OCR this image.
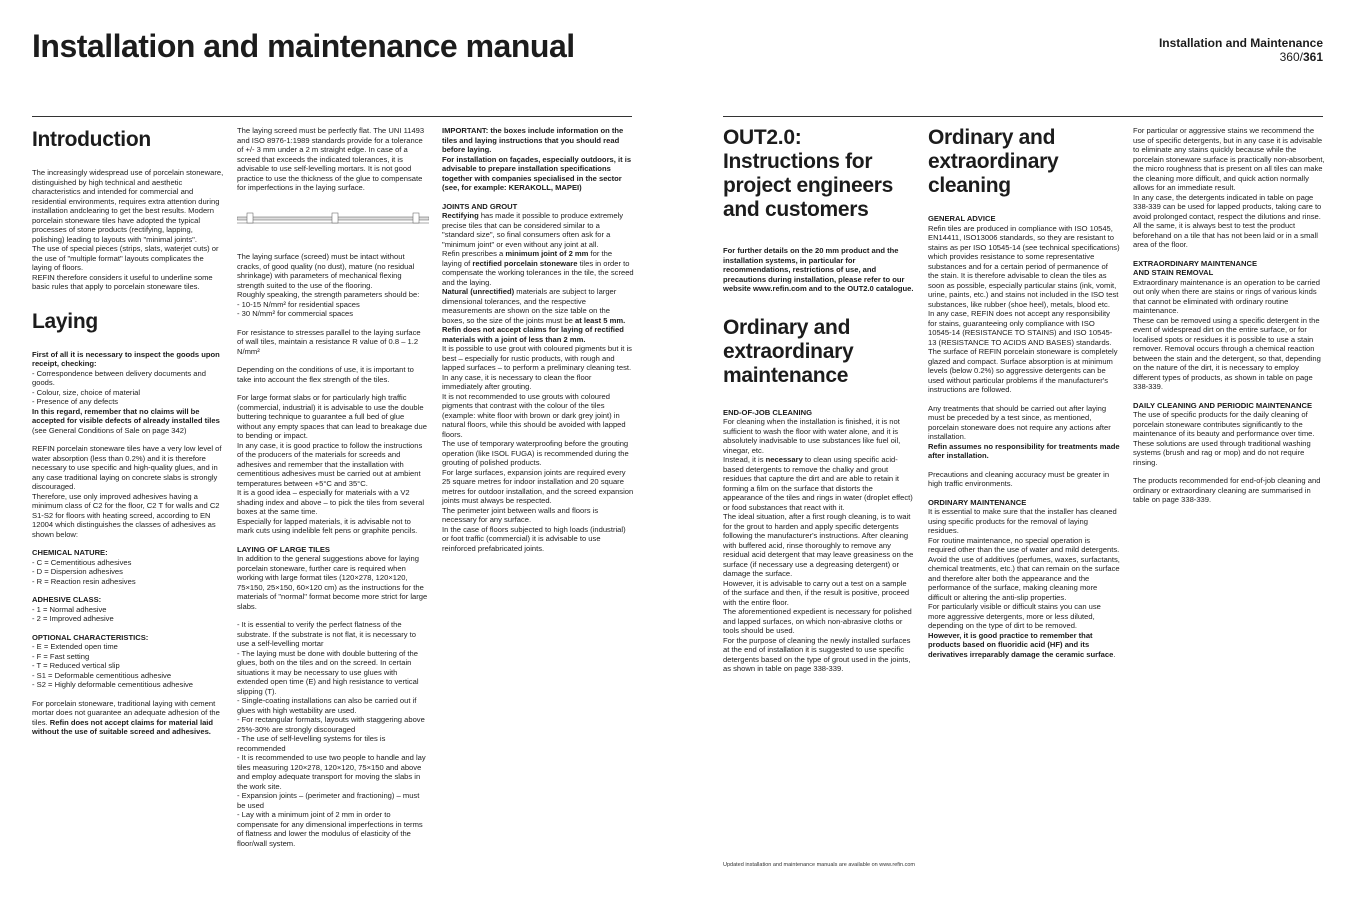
Installation and maintenance manual	Installation and Maintenance
360/361
Introduction

The increasingly widespread use of porcelain stoneware, distinguished by high technical and aesthetic characteristics and intended for commercial and residential environments, requires extra attention during installation andclearing to get the best results. Modern porcelain stoneware tiles have adopted the typical processes of stone products (rectifying, lapping, polishing) leading to layouts with "minimal joints".
The use of special pieces (strips, slats, waterjet cuts) or the use of "multiple format" layouts complicates the laying of floors.
REFIN therefore considers it useful to underline some basic rules that apply to porcelain stoneware tiles.

Laying

First of all it is necessary to inspect the goods upon receipt, checking:

- Correspondence between delivery documents and goods.
- Colour, size, choice of material
- Presence of any defects

In this regard, remember that no claims will be accepted for visible defects of already installed tiles (see General Conditions of Sale on page 342)

REFIN porcelain stoneware tiles have a very low level of water absorption (less than 0.2%) and it is therefore necessary to use specific and high-quality glues, and in any case traditional laying on concrete slabs is strongly discouraged.
Therefore, use only improved adhesives having a minimum class of C2 for the floor, C2 T for walls and C2 S1-S2 for floors with heating screed, according to EN 12004 which distinguishes the classes of adhesives as shown below:

CHEMICAL NATURE:

- C = Cementitious adhesives
- D = Dispersion adhesives
- R = Reaction resin adhesives

ADHESIVE CLASS:

- 1 = Normal adhesive
- 2 = Improved adhesive

OPTIONAL CHARACTERISTICS:

- E = Extended open time
- F = Fast setting
- T = Reduced vertical slip
- S1 = Deformable cementitious adhesive
- S2 = Highly deformable cementitious adhesive

For porcelain stoneware, traditional laying with cement mortar does not guarantee an adequate adhesion of the tiles. Refin does not accept claims for material laid without the use of suitable screed and adhesives.

The laying screed must be perfectly flat. The UNI 11493 and ISO 8976-1:1989 standards provide for a tolerance of +/- 3 mm under a 2 m straight edge. In case of a screed that exceeds the indicated tolerances, it is advisable to use self-levelling mortars. It is not good practice to use the thickness of the glue to compensate for imperfections in the laying surface.

The laying surface (screed) must be intact without cracks, of good quality (no dust), mature (no residual shrinkage) with parameters of mechanical flexing strength suited to the use of the flooring.
Roughly speaking, the strength parameters should be:
- 10-15 N/mm² for residential spaces
- 30 N/mm² for commercial spaces

For resistance to stresses parallel to the laying surface of wall tiles, maintain a resistance R value of 0.8 – 1.2 N/mm²

Depending on the conditions of use, it is important to take into account the flex strength of the tiles.

For large format slabs or for particularly high traffic (commercial, industrial) it is advisable to use the double buttering technique to guarantee a full bed of glue without any empty spaces that can lead to breakage due to bending or impact.
In any case, it is good practice to follow the instructions of the producers of the materials for screeds and adhesives and remember that the installation with cementitious adhesives must be carried out at ambient temperatures between +5°C and 35°C.
It is a good idea – especially for materials with a V2 shading index and above – to pick the tiles from several boxes at the same time.
Especially for lapped materials, it is advisable not to mark cuts using indelible felt pens or graphite pencils.

LAYING OF LARGE TILES

In addition to the general suggestions above for laying porcelain stoneware, further care is required when working with large format tiles (120×278, 120×120, 75×150, 25×150, 60×120 cm) as the instructions for the materials of "normal" format become more strict for large slabs.

- It is essential to verify the perfect flatness of the substrate. If the substrate is not flat, it is necessary to use a self-levelling mortar
- The laying must be done with double buttering of the glues, both on the tiles and on the screed. In certain situations it may be necessary to use glues with extended open time (E) and high resistance to vertical slipping (T).
- Single-coating installations can also be carried out if glues with high wettability are used.
- For rectangular formats, layouts with staggering above 25%-30% are strongly discouraged
- The use of self-levelling systems for tiles is recommended
- It is recommended to use two people to handle and lay tiles measuring 120×278, 120×120, 75×150 and above and employ adequate transport for moving the slabs in the work site.
- Expansion joints – (perimeter and fractioning) – must be used
- Lay with a minimum joint of 2 mm in order to compensate for any dimensional imperfections in terms of flatness and lower the modulus of elasticity of the floor/wall system.

IMPORTANT: the boxes include information on the tiles and laying instructions that you should read before laying.
For installation on façades, especially outdoors, it is advisable to prepare installation specifications together with companies specialised in the sector (see, for example: KERAKOLL, MAPEI)

JOINTS AND GROUT

Rectifying has made it possible to produce extremely precise tiles that can be considered similar to a "standard size", so final consumers often ask for a "minimum joint" or even without any joint at all.
Refin prescribes a minimum joint of 2 mm for the laying of rectified porcelain stoneware tiles in order to compensate the working tolerances in the tile, the screed and the laying.

Natural (unrectified) materials are subject to larger dimensional tolerances, and the respective measurements are shown on the size table on the boxes, so the size of the joints must be at least 5 mm. Refin does not accept claims for laying of rectified materials with a joint of less than 2 mm.

It is possible to use grout with coloured pigments but it is best – especially for rustic products, with rough and lapped surfaces – to perform a preliminary cleaning test. In any case, it is necessary to clean the floor immediately after grouting.
It is not recommended to use grouts with coloured pigments that contrast with the colour of the tiles (example: white floor with brown or dark grey joint) in natural floors, while this should be avoided with lapped floors.
The use of temporary waterproofing before the grouting operation (like ISOL FUGA) is recommended during the grouting of polished products.
For large surfaces, expansion joints are required every 25 square metres for indoor installation and 20 square metres for outdoor installation, and the screed expansion joints must always be respected.
The perimeter joint between walls and floors is necessary for any surface.
In the case of floors subjected to high loads (industrial) or foot traffic (commercial) it is advisable to use reinforced prefabricated joints.

OUT2.0:
Instructions for project engineers and customers

For further details on the 20 mm product and the installation systems, in particular for recommendations, restrictions of use, and precautions during installation, please refer to our website www.refin.com and to the OUT2.0 catalogue.

Ordinary and extraordinary maintenance

END-OF-JOB CLEANING

For cleaning when the installation is finished, it is not sufficient to wash the floor with water alone, and it is absolutely inadvisable to use substances like fuel oil, vinegar, etc.

Instead, it is necessary to clean using specific acid-based detergents to remove the chalky and grout residues that capture the dirt and are able to retain it forming a film on the surface that distorts the appearance of the tiles and rings in water (droplet effect) or food substances that react with it.
The ideal situation, after a first rough cleaning, is to wait for the grout to harden and apply specific detergents following the manufacturer's instructions. After cleaning with buffered acid, rinse thoroughly to remove any residual acid detergent that may leave greasiness on the surface (if necessary use a degreasing detergent) or damage the surface.
However, it is advisable to carry out a test on a sample of the surface and then, if the result is positive, proceed with the entire floor.
The aforementioned expedient is necessary for polished and lapped surfaces, on which non-abrasive cloths or tools should be used.
For the purpose of cleaning the newly installed surfaces at the end of installation it is suggested to use specific detergents based on the type of grout used in the joints, as shown in table on page 338-339.

Ordinary and extraordinary cleaning

GENERAL ADVICE

Refin tiles are produced in compliance with ISO 10545, EN14411, ISO13006 standards, so they are resistant to stains as per ISO 10545-14 (see technical specifications) which provides resistance to some representative substances and for a certain period of permanence of the stain. It is therefore advisable to clean the tiles as soon as possible, especially particular stains (ink, vomit, urine, paints, etc.) and stains not included in the ISO test substances, like rubber (shoe heel), metals, blood etc.
In any case, REFIN does not accept any responsibility for stains, guaranteeing only compliance with ISO 10545-14 (RESISTANCE TO STAINS) and ISO 10545-13 (RESISTANCE TO ACIDS AND BASES) standards.
The surface of REFIN porcelain stoneware is completely glazed and compact. Surface absorption is at minimum levels (below 0.2%) so aggressive detergents can be used without particular problems if the manufacturer's instructions are followed.

Any treatments that should be carried out after laying must be preceded by a test since, as mentioned, porcelain stoneware does not require any actions after installation.

Refin assumes no responsibility for treatments made after installation.

Precautions and cleaning accuracy must be greater in high traffic environments.

ORDINARY MAINTENANCE

It is essential to make sure that the installer has cleaned using specific products for the removal of laying residues.
For routine maintenance, no special operation is required other than the use of water and mild detergents. Avoid the use of additives (perfumes, waxes, surfactants, chemical treatments, etc.) that can remain on the surface and therefore alter both the appearance and the performance of the surface, making cleaning more difficult or altering the anti-slip properties.
For particularly visible or difficult stains you can use more aggressive detergents, more or less diluted, depending on the type of dirt to be removed.

However, it is good practice to remember that products based on fluoridic acid (HF) and its derivatives irreparably damage the ceramic surface.

For particular or aggressive stains we recommend the use of specific detergents, but in any case it is advisable to eliminate any stains quickly because while the porcelain stoneware surface is practically non-absorbent, the micro roughness that is present on all tiles can make the cleaning more difficult, and quick action normally allows for an immediate result.
In any case, the detergents indicated in table on page 338-339 can be used for lapped products, taking care to avoid prolonged contact, respect the dilutions and rinse. All the same, it is always best to test the product beforehand on a tile that has not been laid or in a small area of the floor.

EXTRAORDINARY MAINTENANCE
AND STAIN REMOVAL

Extraordinary maintenance is an operation to be carried out only when there are stains or rings of various kinds that cannot be eliminated with ordinary routine maintenance.
These can be removed using a specific detergent in the event of widespread dirt on the entire surface, or for localised spots or residues it is possible to use a stain remover. Removal occurs through a chemical reaction between the stain and the detergent, so that, depending on the nature of the dirt, it is necessary to employ different types of products, as shown in table on page 338-339.

DAILY CLEANING AND PERIODIC MAINTENANCE

The use of specific products for the daily cleaning of porcelain stoneware contributes significantly to the maintenance of its beauty and performance over time. These solutions are used through traditional washing systems (brush and rag or mop) and do not require rinsing.

The products recommended for end-of-job cleaning and ordinary or extraordinary cleaning are summarised in table on page 338-339.

Updated installation and maintenance manuals are available on www.refin.com
